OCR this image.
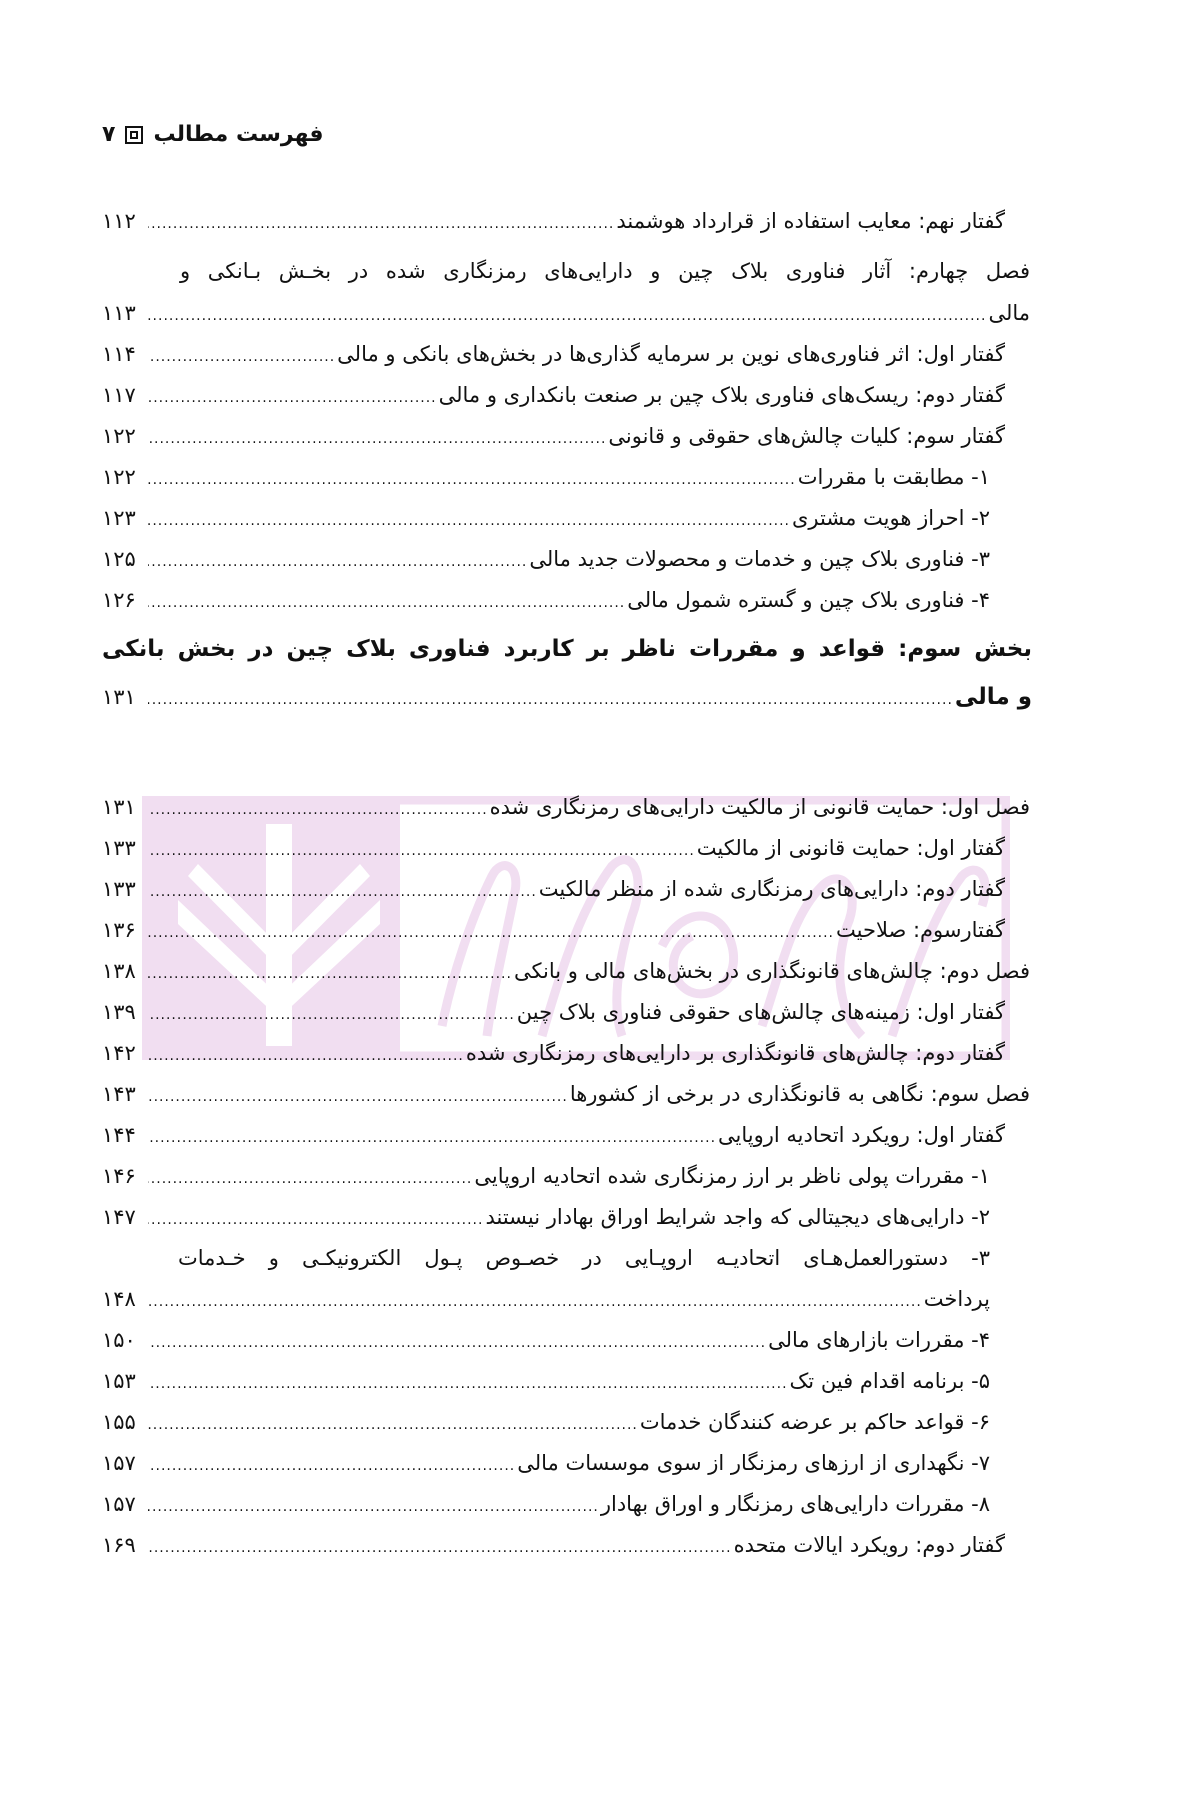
فهرست مطالب
۷
گفتار نهم: معایب استفاده از قرارداد هوشمند
.....
۱۱۲
فصل چهارم: آثار فناوری بلاک چین و دارایی‌های رمزنگاری شده در بخـش بـانکی و
مالی
.....
۱۱۳
گفتار اول: اثر فناوری‌های نوین بر سرمایه گذاری‌ها در بخش‌های بانکی و مالی
.....
۱۱۴
گفتار دوم: ریسک‌های فناوری بلاک چین بر صنعت بانکداری و مالی
.....
۱۱۷
گفتار سوم: کلیات چالش‌های حقوقی و قانونی
.....
۱۲۲
۱- مطابقت با مقررات
.....
۱۲۲
۲- احراز هویت مشتری
.....
۱۲۳
۳- فناوری بلاک چین و خدمات و محصولات جدید مالی
.....
۱۲۵
۴- فناوری بلاک چین و گستره شمول مالی
.....
۱۲۶
بخش سوم: قواعد و مقررات ناظر بر کاربرد فناوری بلاک چین در بخش بانکی
و مالی
.....
۱۳۱
فصل اول: حمایت قانونی از مالکیت دارایی‌های رمزنگاری شده
.....
۱۳۱
گفتار اول: حمایت قانونی از مالکیت
.....
۱۳۳
گفتار دوم: دارایی‌های رمزنگاری شده از منظر مالکیت
.....
۱۳۳
گفتارسوم: صلاحیت
.....
۱۳۶
فصل دوم: چالش‌های قانونگذاری در بخش‌های مالی و بانکی
.....
۱۳۸
گفتار اول: زمینه‌های چالش‌های حقوقی فناوری بلاک چین
.....
۱۳۹
گفتار دوم: چالش‌های قانونگذاری بر دارایی‌های رمزنگاری شده
.....
۱۴۲
فصل سوم: نگاهی به قانونگذاری در برخی از کشورها
.....
۱۴۳
گفتار اول: رویکرد اتحادیه اروپایی
.....
۱۴۴
۱- مقررات پولی ناظر بر ارز رمزنگاری شده اتحادیه اروپایی
.....
۱۴۶
۲- دارایی‌های دیجیتالی که واجد شرایط اوراق بهادار نیستند
.....
۱۴۷
۳- دستورالعمل‌هـای اتحادیـه اروپـایی در خصـوص پـول الکترونیکـی و خـدمات
پرداخت
.....
۱۴۸
۴- مقررات بازارهای مالی
.....
۱۵۰
۵- برنامه اقدام فین تک
.....
۱۵۳
۶- قواعد حاکم بر عرضه کنندگان خدمات
.....
۱۵۵
۷- نگهداری از ارزهای رمزنگار از سوی موسسات مالی
.....
۱۵۷
۸- مقررات دارایی‌های رمزنگار و اوراق بهادار
.....
۱۵۷
گفتار دوم: رویکرد ایالات متحده
.....
۱۶۹
